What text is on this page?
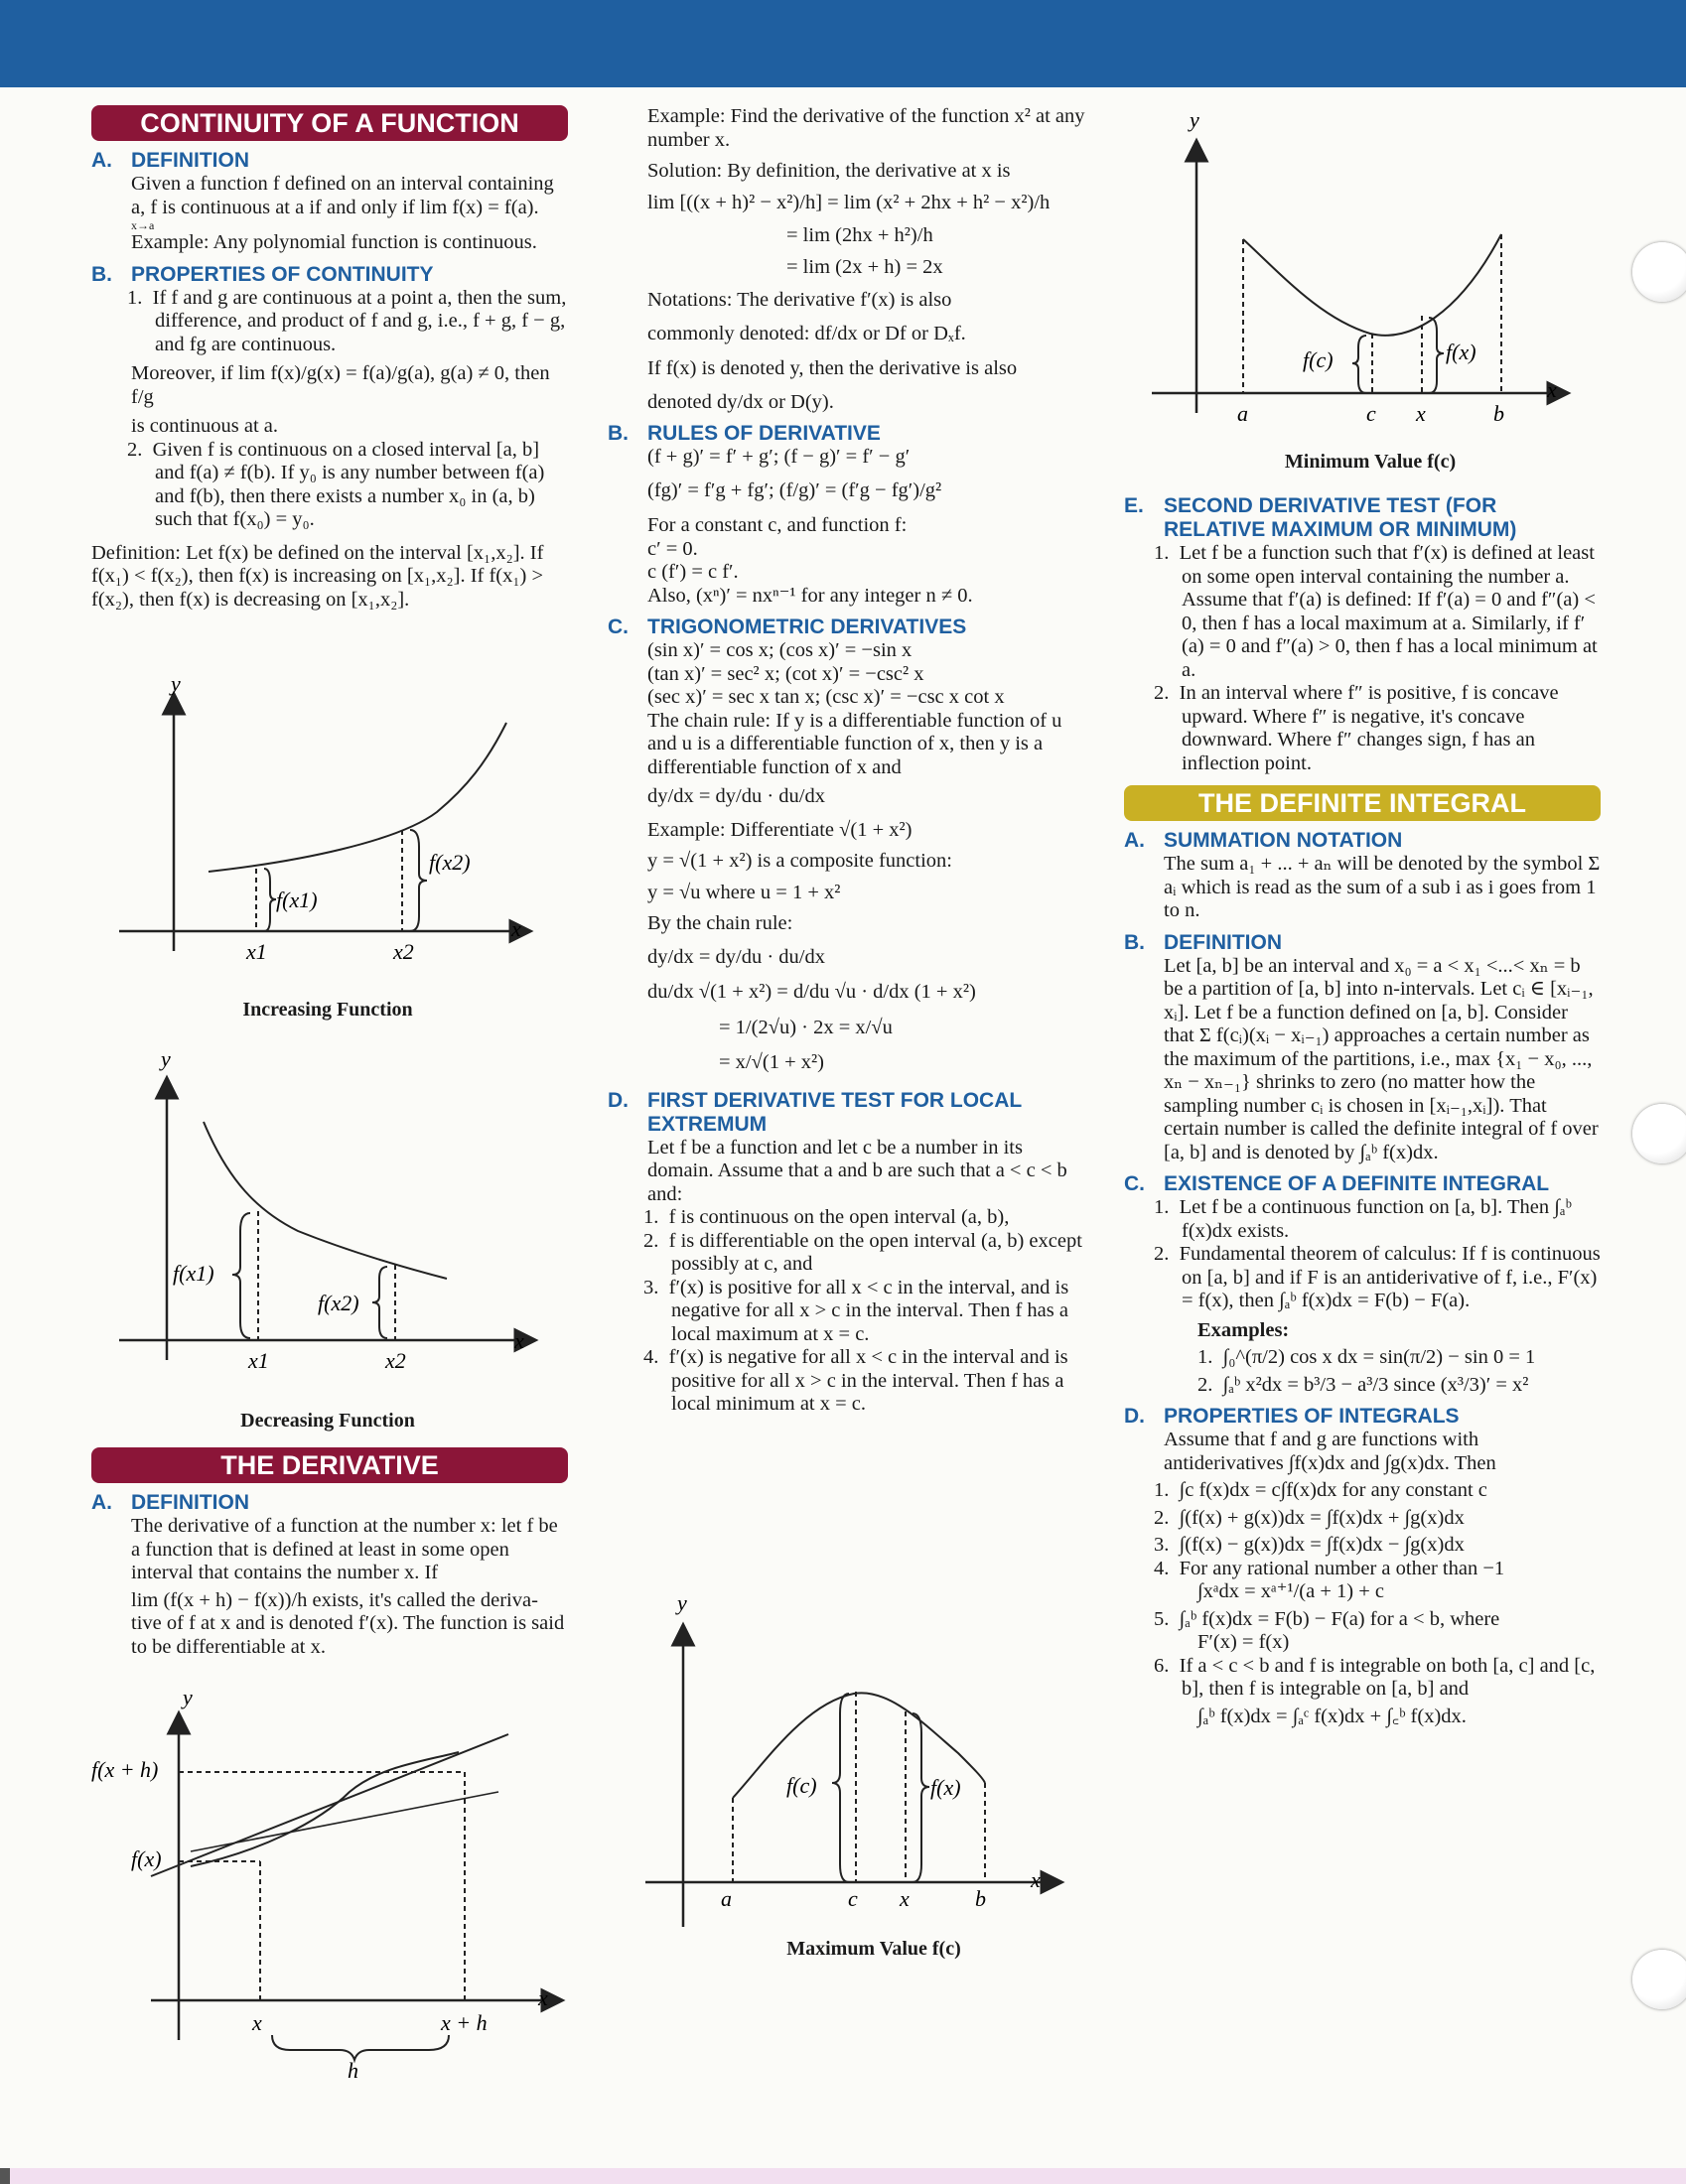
CONTINUITY OF A FUNCTION
A. DEFINITION

Given a function f defined on an interval containing a, f is continuous at a if and only if lim f(x) = f(a).

x→a

Example: Any polynomial function is continuous.

B. PROPERTIES OF CONTINUITY

1.  If f and g are continuous at a point a, then the sum, difference, and product of f and g, i.e., f + g, f − g, and fg are continuous.

Moreover, if lim f(x)/g(x) = f(a)/g(a), g(a) ≠ 0, then f/g

is continuous at a.

2.  Given f is continuous on a closed interval [a, b] and f(a) ≠ f(b). If y₀ is any number between f(a) and f(b), then there exists a number x₀ in (a, b) such that f(x₀) = y₀.

Definition: Let f(x) be defined on the interval [x₁,x₂]. If f(x₁) < f(x₂), then f(x) is increasing on [x₁,x₂]. If f(x₁) > f(x₂), then f(x) is decreasing on [x₁,x₂].

y
x
f(x1)
f(x2)
x1	x2
Increasing Function
y
x
f(x1)
f(x2)
x1	x2
Decreasing Function
THE DERIVATIVE
A. DEFINITION

The derivative of a function at the number x: let f be a function that is defined at least in some open interval that contains the number x. If

lim (f(x + h) − f(x))/h exists, it's called the deriva-

tive of f at x and is denoted f′(x). The function is said to be differentiable at x.

y
x
f(x + h)
f(x)
x	x + h
h

Example: Find the derivative of the function x² at any number x.

Solution: By definition, the derivative at x is

lim [((x + h)² − x²)/h] = lim (x² + 2hx + h² − x²)/h

= lim (2hx + h²)/h

= lim (2x + h) = 2x

Notations: The derivative f′(x) is also

commonly denoted: df/dx or Df or Dₓf.

If f(x) is denoted y, then the derivative is also

denoted dy/dx or D(y).

B. RULES OF DERIVATIVE

(f + g)′ = f′ + g′; (f − g)′ = f′ − g′

(fg)′ = f′g + fg′; (f/g)′ = (f′g − fg′)/g²

For a constant c, and function f:

c′ = 0.

c (f′) = c f′.

Also, (xⁿ)′ = nxⁿ⁻¹ for any integer n ≠ 0.

C. TRIGONOMETRIC DERIVATIVES

(sin x)′ = cos x; (cos x)′ = −sin x

(tan x)′ = sec² x; (cot x)′ = −csc² x

(sec x)′ = sec x tan x; (csc x)′ = −csc x cot x

The chain rule: If y is a differentiable function of u and u is a differentiable function of x, then y is a differentiable function of x and

dy/dx = dy/du · du/dx

Example: Differentiate √(1 + x²)

y = √(1 + x²) is a composite function:

y = √u where u = 1 + x²

By the chain rule:

dy/dx = dy/du · du/dx

du/dx √(1 + x²) = d/du √u · d/dx (1 + x²)

= 1/(2√u) · 2x = x/√u

= x/√(1 + x²)

D. FIRST DERIVATIVE TEST FOR LOCAL EXTREMUM

Let f be a function and let c be a number in its domain. Assume that a and b are such that a < c < b and:

1.  f is continuous on the open interval (a, b),

2.  f is differentiable on the open interval (a, b) except possibly at c, and

3.  f′(x) is positive for all x < c in the interval, and is negative for all x > c in the interval. Then f has a local maximum at x = c.

4.  f′(x) is negative for all x < c in the interval and is positive for all x > c in the interval. Then f has a local minimum at x = c.

y
x
f(c)	f(x)
a	c x	b
Maximum Value f(c)
y
x
f(c)	f(x)
a	c x	b
Minimum Value f(c)
E. SECOND DERIVATIVE TEST (FOR RELATIVE MAXIMUM OR MINIMUM)

1.  Let f be a function such that f′(x) is defined at least on some open interval containing the number a. Assume that f′(a) is defined: If f′(a) = 0 and f″(a) < 0, then f has a local maximum at a. Similarly, if f′(a) = 0 and f″(a) > 0, then f has a local minimum at a.

2.  In an interval where f″ is positive, f is concave upward. Where f″ is negative, it's concave downward. Where f″ changes sign, f has an inflection point.

THE DEFINITE INTEGRAL
A. SUMMATION NOTATION

The sum a₁ + ... + aₙ will be denoted by the symbol Σ aᵢ which is read as the sum of a sub i as i goes from 1 to n.

B. DEFINITION

Let [a, b] be an interval and x₀ = a < x₁ <...< xₙ = b be a partition of [a, b] into n-intervals. Let cᵢ ∈ [xᵢ₋₁, xᵢ]. Let f be a function defined on [a, b]. Consider that Σ f(cᵢ)(xᵢ − xᵢ₋₁) approaches a certain number as the maximum of the partitions, i.e., max {x₁ − x₀, ..., xₙ − xₙ₋₁} shrinks to zero (no matter how the sampling number cᵢ is chosen in [xᵢ₋₁,xᵢ]). That certain number is called the definite integral of f over [a, b] and is denoted by ∫ₐᵇ f(x)dx.

C. EXISTENCE OF A DEFINITE INTEGRAL

1.  Let f be a continuous function on [a, b]. Then ∫ₐᵇ f(x)dx exists.

2.  Fundamental theorem of calculus: If f is continuous on [a, b] and if F is an antiderivative of f, i.e., F′(x) = f(x), then ∫ₐᵇ f(x)dx = F(b) − F(a).

Examples:

1.  ∫₀^(π/2) cos x dx = sin(π/2) − sin 0 = 1

2.  ∫ₐᵇ x²dx = b³/3 − a³/3 since (x³/3)′ = x²

D. PROPERTIES OF INTEGRALS

Assume that f and g are functions with antiderivatives ∫f(x)dx and ∫g(x)dx. Then

1.  ∫c f(x)dx = c∫f(x)dx for any constant c

2.  ∫(f(x) + g(x))dx = ∫f(x)dx + ∫g(x)dx

3.  ∫(f(x) − g(x))dx = ∫f(x)dx − ∫g(x)dx

4.  For any rational number a other than −1

∫xᵃdx = xᵃ⁺¹/(a + 1) + c

5.  ∫ₐᵇ f(x)dx = F(b) − F(a) for a < b, where

F′(x) = f(x)

6.  If a < c < b and f is integrable on both [a, c] and [c, b], then f is integrable on [a, b] and

∫ₐᵇ f(x)dx = ∫ₐᶜ f(x)dx + ∫꜀ᵇ f(x)dx.
